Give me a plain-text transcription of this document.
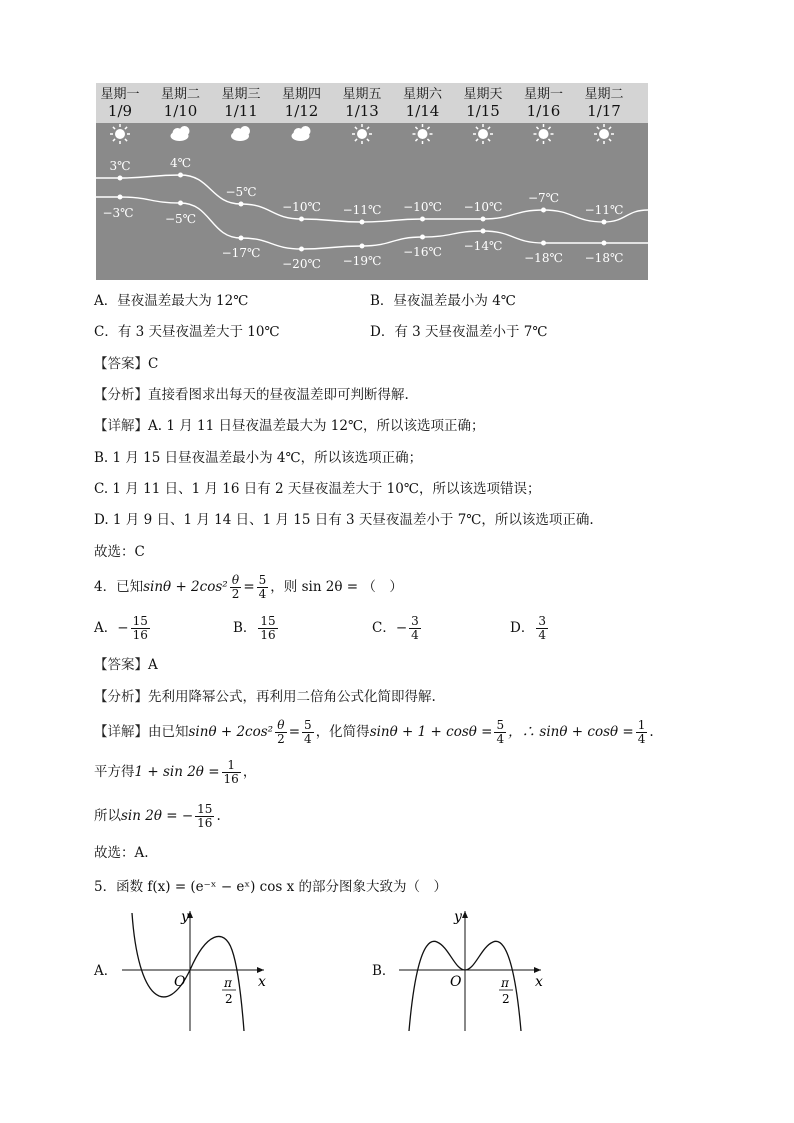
星期一
1/9
星期二
1/10
星期三
1/11
星期四
1/12
星期五
1/13
星期六
1/14
星期天
1/15
星期一
1/16
星期二
1/17
3℃
−3℃
4℃
−5℃
−5℃
−17℃
−10℃
−20℃
−11℃
−19℃
−10℃
−16℃
−10℃
−14℃
−7℃
−18℃
−11℃
−18℃
A．昼夜温差最大为 12℃	B．昼夜温差最小为 4℃
C．有 3 天昼夜温差大于 10℃	D．有 3 天昼夜温差小于 7℃
【答案】C
【分析】直接看图求出每天的昼夜温差即可判断得解.
【详解】A. 1 月 11 日昼夜温差最大为 12℃，所以该选项正确；
B. 1 月 15 日昼夜温差最小为 4℃，所以该选项正确；
C. 1 月 11 日、1 月 16 日有 2 天昼夜温差大于 10℃，所以该选项错误；
D. 1 月 9 日、1 月 14 日、1 月 15 日有 3 天昼夜温差小于 7℃，所以该选项正确.
故选：C
4．已知$\sin\theta + 2\cos^2 \frac{\theta}{2} = \frac{5}{4}$ ，则 sin 2θ = （　）
A．− $\frac{15}{16}$	B． $\frac{15}{16}$	C．− $\frac{3}{4}$	D． $\frac{3}{4}$
【答案】A
【分析】先利用降幂公式，再利用二倍角公式化简即得解.
【详解】由已知$\sin\theta + 2\cos^2 \frac{\theta}{2} = \frac{5}{4}$ ，化简得$\sin\theta + 1 + \cos\theta = \frac{5}{4}$ ，∴ $\sin\theta + \cos\theta = \frac{1}{4}$ .
平方得$1 + \sin 2\theta = \frac{1}{16}$ ，
所以sin 2θ = − $\frac{15}{16}$ .
故选：A.
5．函数 f(x) = (e⁻ˣ − eˣ) cos x 的部分图象大致为（　）
A．
y
x
O	π
2
B．
y
x
O	π
2
